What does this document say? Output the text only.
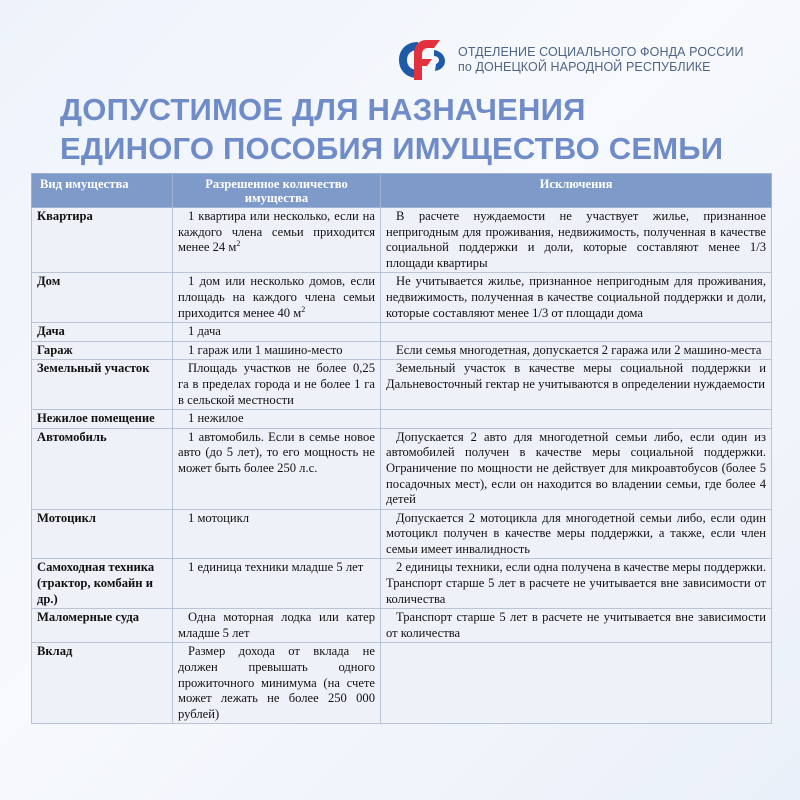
ОТДЕЛЕНИЕ СОЦИАЛЬНОГО ФОНДА РОССИИ
по ДОНЕЦКОЙ НАРОДНОЙ РЕСПУБЛИКЕ
ДОПУСТИМОЕ ДЛЯ НАЗНАЧЕНИЯ
ЕДИНОГО ПОСОБИЯ ИМУЩЕСТВО СЕМЬИ
Вид имущества	Разрешенное количество имущества	Исключения
Квартира	1 квартира или несколько, если на каждого члена семьи приходится менее 24 $м^2$	В расчете нуждаемости не участвует жилье, признанное непригодным для проживания, недвижимость, полученная в качестве социальной поддержки и доли, которые составляют менее 1/3 площади квартиры
Дом	1 дом или несколько домов, если площадь на каждого члена семьи приходится менее 40 $м^2$	Не учитывается жилье, признанное непригодным для проживания, недвижимость, полученная в качестве социальной поддержки и доли, которые составляют менее 1/3 от площади дома
Дача	1 дача	
Гараж	1 гараж или 1 машино-место	Если семья многодетная, допускается 2 гаража или 2 машино-места
Земельный участок	Площадь участков не более 0,25 га в пределах города и не более 1 га в сельской местности	Земельный участок в качестве меры социальной поддержки и Дальневосточный гектар не учитываются в определении нуждаемости
Нежилое помещение	1 нежилое	
Автомобиль	1 автомобиль. Если в семье новое авто (до 5 лет), то его мощность не может быть более 250 л.с.	Допускается 2 авто для многодетной семьи либо, если один из автомобилей получен в качестве меры социальной поддержки. Ограничение по мощности не действует для микроавтобусов (более 5 посадочных мест), если он находится во владении семьи, где более 4 детей
Мотоцикл	1 мотоцикл	Допускается 2 мотоцикла для многодетной семьи либо, если один мотоцикл получен в качестве меры поддержки, а также, если член семьи имеет инвалидность
Самоходная техника (трактор, комбайн и др.)	1 единица техники младше 5 лет	2 единицы техники, если одна получена в качестве меры поддержки. Транспорт старше 5 лет в расчете не учитывается вне зависимости от количества
Маломерные суда	Одна моторная лодка или катер младше 5 лет	Транспорт старше 5 лет в расчете не учитывается вне зависимости от количества
Вклад	Размер дохода от вклада не должен превышать одного прожиточного минимума (на счете может лежать не более 250 000 рублей)	
